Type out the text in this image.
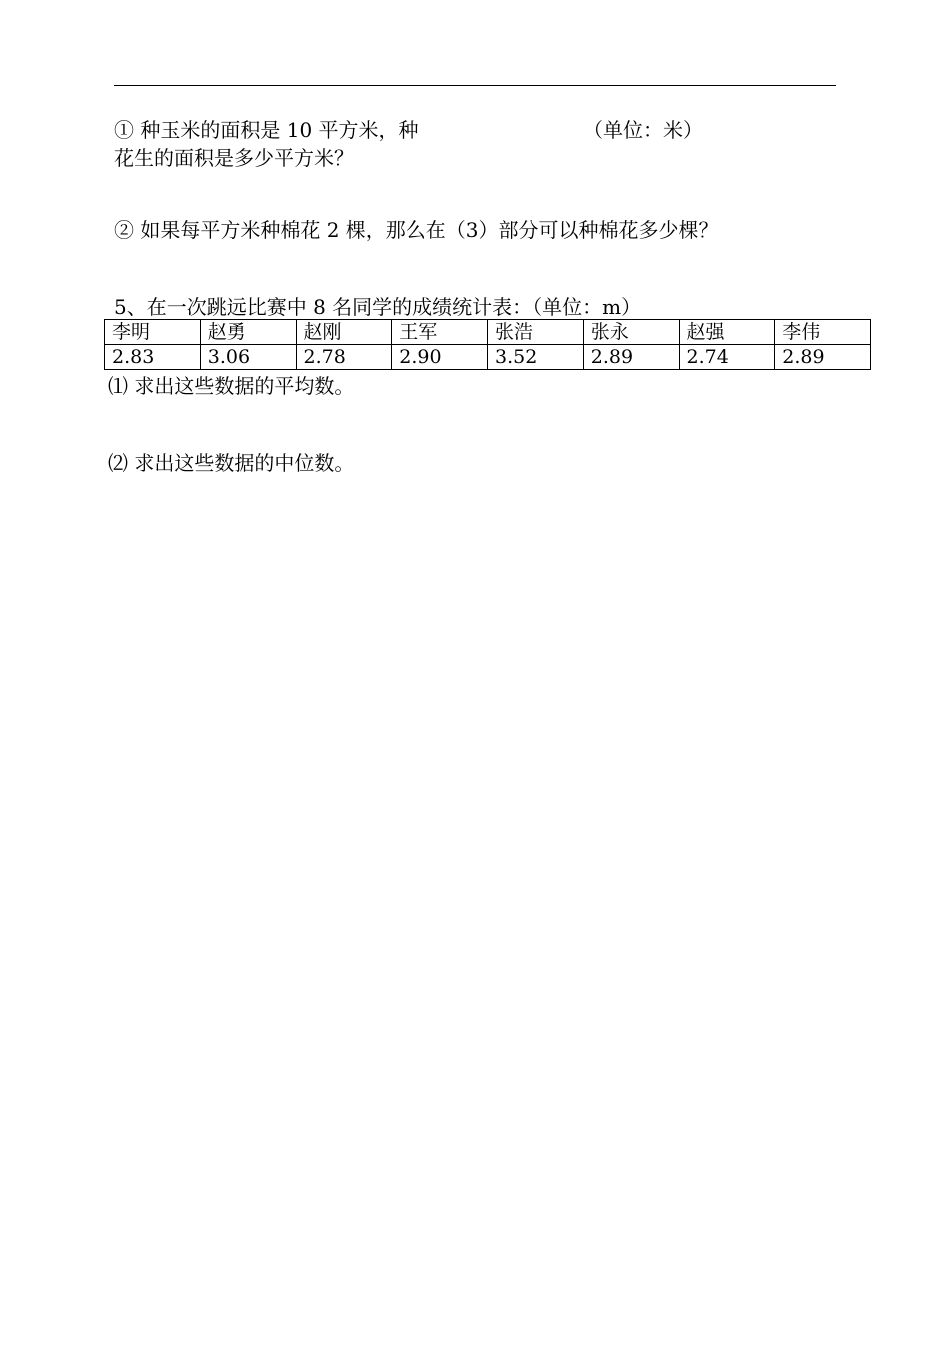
① 种玉米的面积是 10 平方米，种	（单位：米）
花生的面积是多少平方米？
② 如果每平方米种棉花 2 棵，那么在（3）部分可以种棉花多少棵？
5、在一次跳远比赛中 8 名同学的成绩统计表：（单位：m）
李明	赵勇	赵刚	王军	张浩	张永	赵强	李伟
2.83	3.06	2.78	2.90	3.52	2.89	2.74	2.89
⑴ 求出这些数据的平均数。
⑵ 求出这些数据的中位数。
